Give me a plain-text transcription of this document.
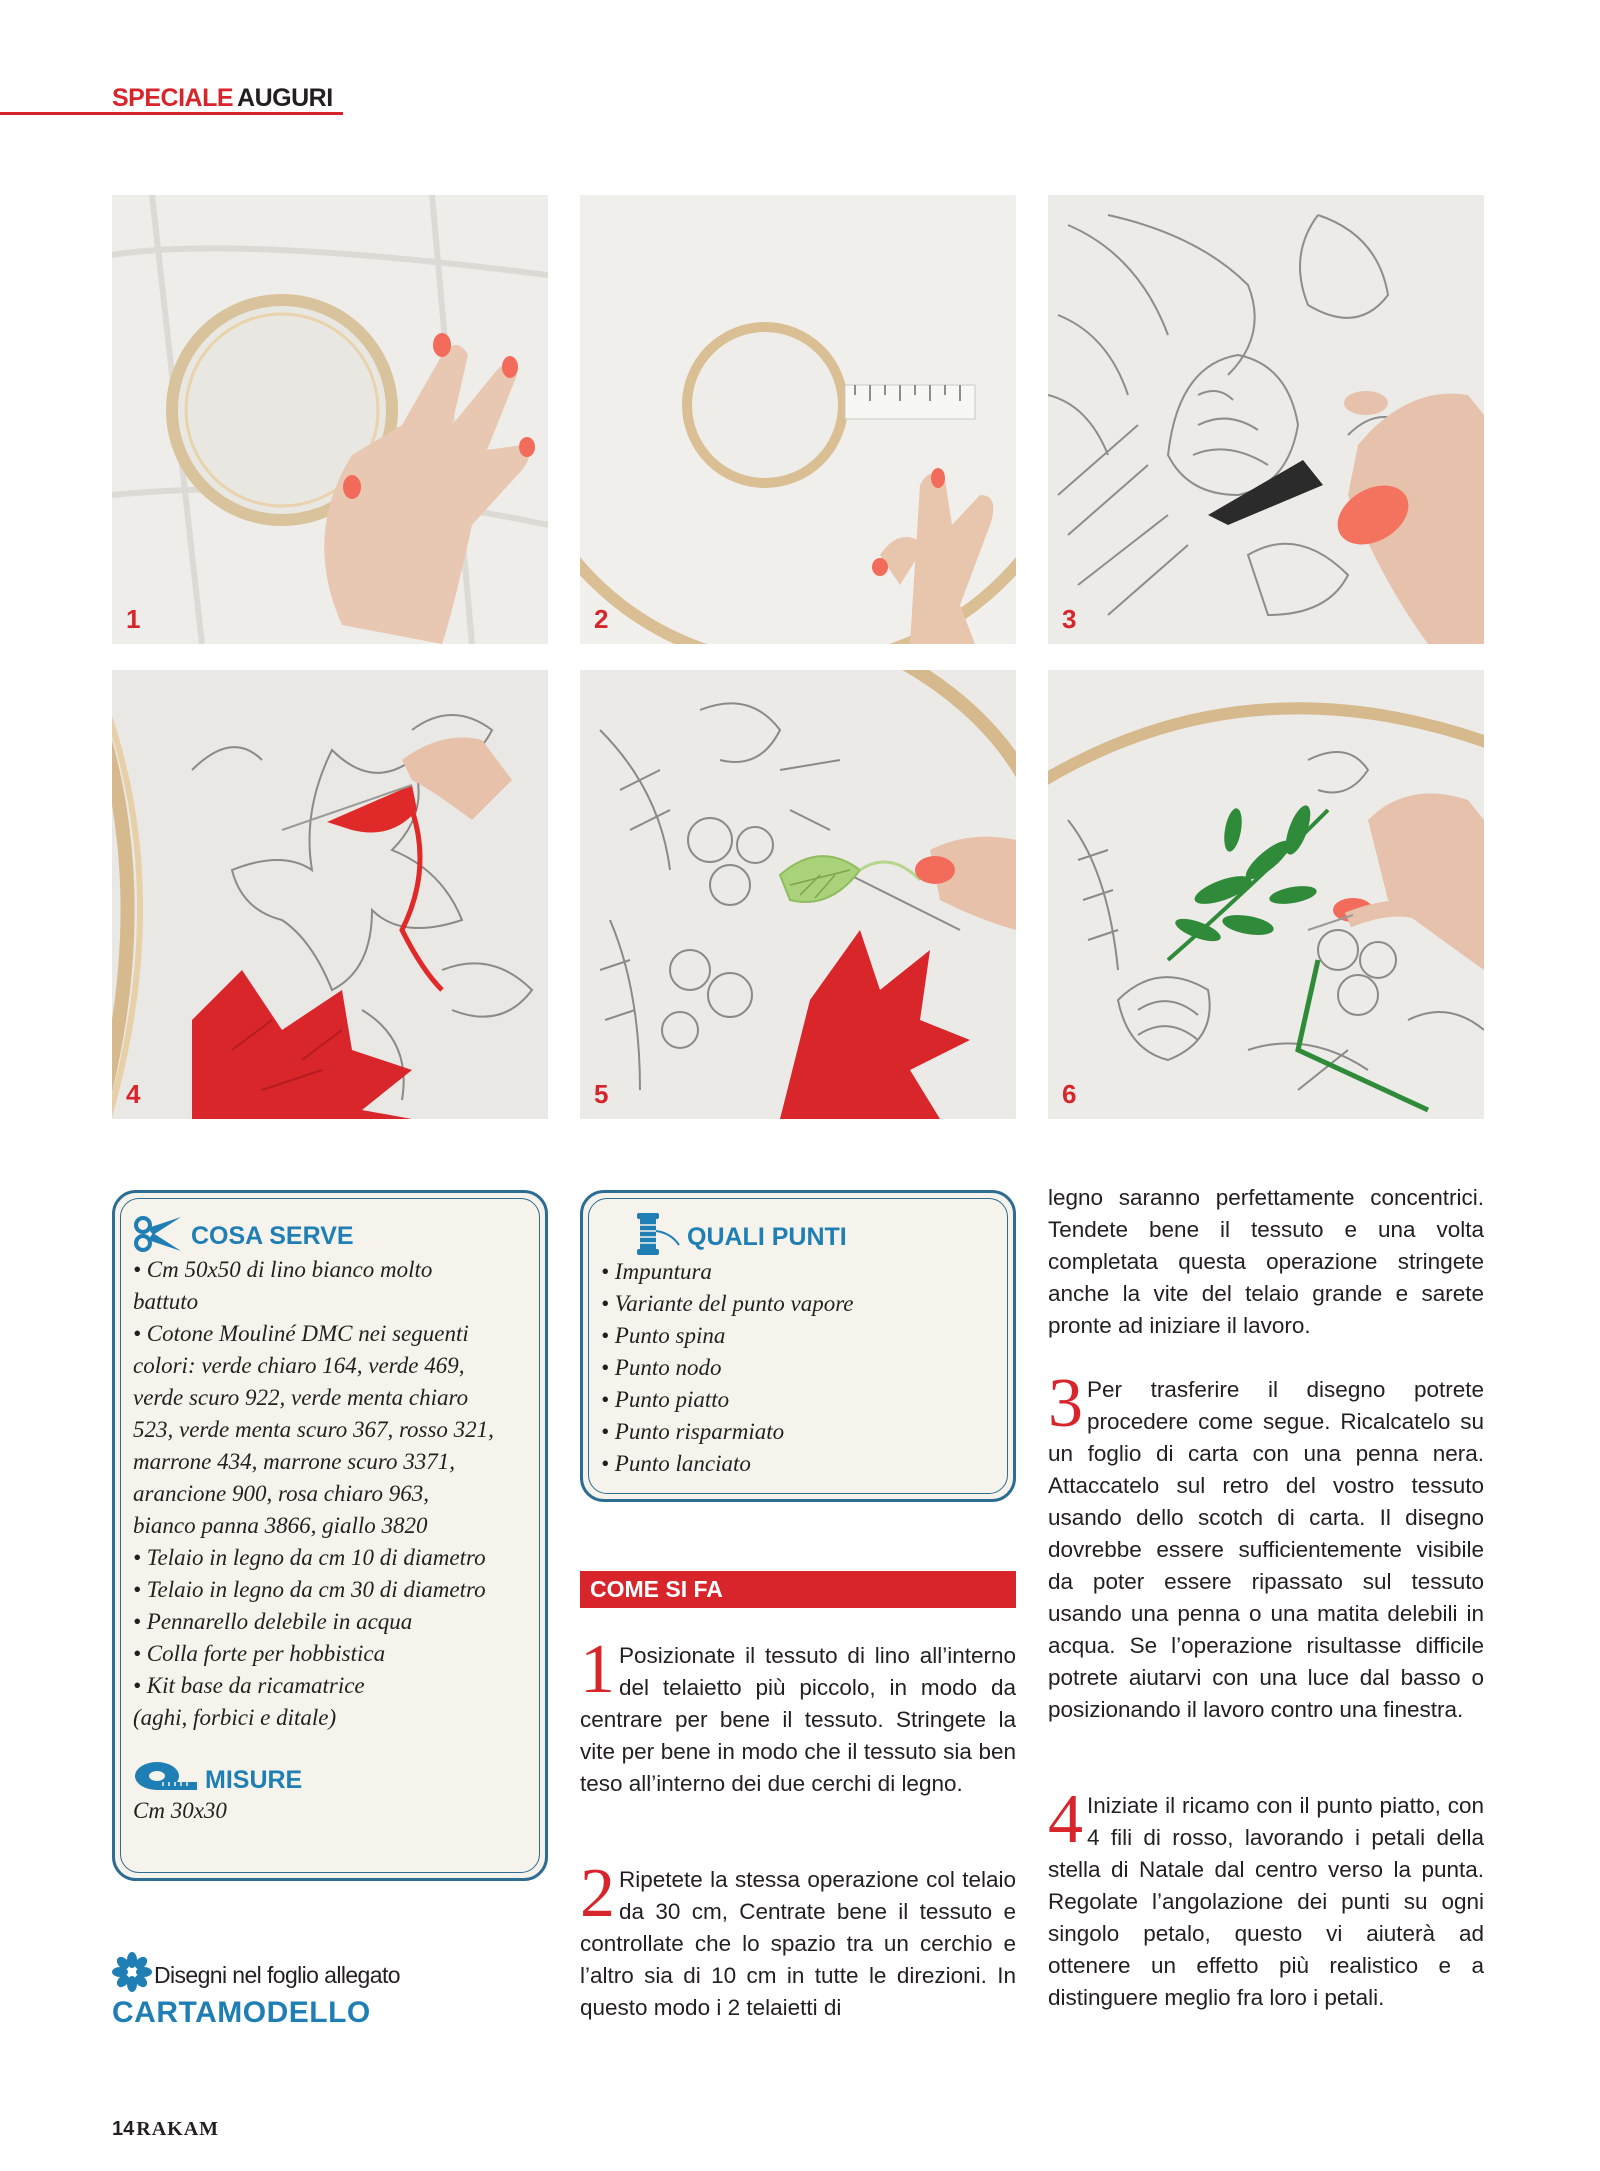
SPECIALE AUGURI
1	2	3
4	5	6
COSA SERVE
• Cm 50x50 di lino bianco molto
battuto
• Cotone Mouliné DMC nei seguenti
colori: verde chiaro 164, verde 469,
verde scuro 922, verde menta chiaro
523, verde menta scuro 367, rosso 321,
marrone 434, marrone scuro 3371,
arancione 900, rosa chiaro 963,
bianco panna 3866, giallo 3820
• Telaio in legno da cm 10 di diametro
• Telaio in legno da cm 30 di diametro
• Pennarello delebile in acqua
• Colla forte per hobbistica
• Kit base da ricamatrice
(aghi, forbici e ditale)
MISURE
Cm 30x30
QUALI PUNTI
• Impuntura
• Variante del punto vapore
• Punto spina
• Punto nodo
• Punto piatto
• Punto risparmiato
• Punto lanciato
COME SI FA
1 Posizionate il tessuto di lino all’interno del telaietto più piccolo, in modo da centrare per bene il tessuto. Stringete la vite per bene in modo che il tessuto sia ben teso all’interno dei due cerchi di legno.

2 Ripetete la stessa operazione col telaio da 30 cm, Centrate bene il tessuto e controllate che lo spazio tra un cerchio e l’altro sia di 10 cm in tutte le direzioni. In questo modo i 2 telaietti di

legno saranno perfettamente concentrici. Tendete bene il tessuto e una volta completata questa operazione stringete anche la vite del telaio grande e sarete pronte ad iniziare il lavoro.
3 Per trasferire il disegno potrete procedere come segue. Ricalcatelo su un foglio di carta con una penna nera. Attaccatelo sul retro del vostro tessuto usando dello scotch di carta. Il disegno dovrebbe essere sufficientemente visibile da poter essere ripassato sul tessuto usando una penna o una matita delebili in acqua. Se l’operazione risultasse difficile potrete aiutarvi con una luce dal basso o posizionando il lavoro contro una finestra.

4 Iniziate il ricamo con il punto piatto, con 4 fili di rosso, lavorando i petali della stella di Natale dal centro verso la punta. Regolate l’angolazione dei punti su ogni singolo petalo, questo vi aiuterà ad ottenere un effetto più realistico e a distinguere meglio fra loro i petali.

Disegni nel foglio allegato
CARTAMODELLO
14 RAKAM
